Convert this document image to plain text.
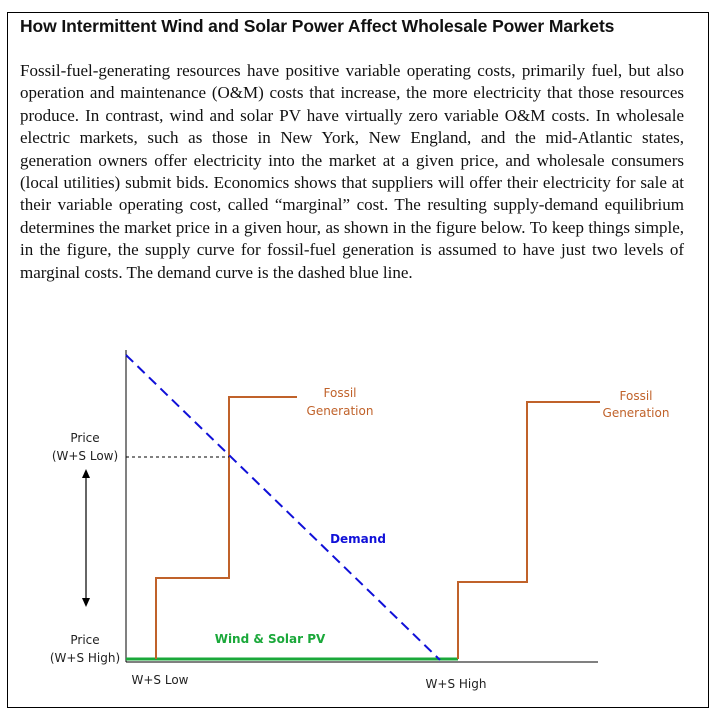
How Intermittent Wind and Solar Power Affect Wholesale Power Markets
Fossil-fuel-generating resources have positive variable operating costs, primarily fuel, but also operation and maintenance (O&M) costs that increase, the more electricity that those resources produce. In contrast, wind and solar PV have virtually zero variable O&M costs. In wholesale electric markets, such as those in New York, New England, and the mid-Atlantic states, generation owners offer electricity into the market at a given price, and wholesale consumers (local utilities) submit bids. Economics shows that suppliers will offer their electricity for sale at their variable operating cost, called “marginal” cost. The resulting supply-demand equilibrium determines the market price in a given hour, as shown in the figure below. To keep things simple, in the figure, the supply curve for fossil-fuel generation is assumed to have just two levels of marginal costs. The demand curve is the dashed blue line.
Fossil
Generation
Fossil
Generation
Demand
Wind & Solar PV
Price
(W+S Low)
Price
(W+S High)
W+S Low	W+S High
